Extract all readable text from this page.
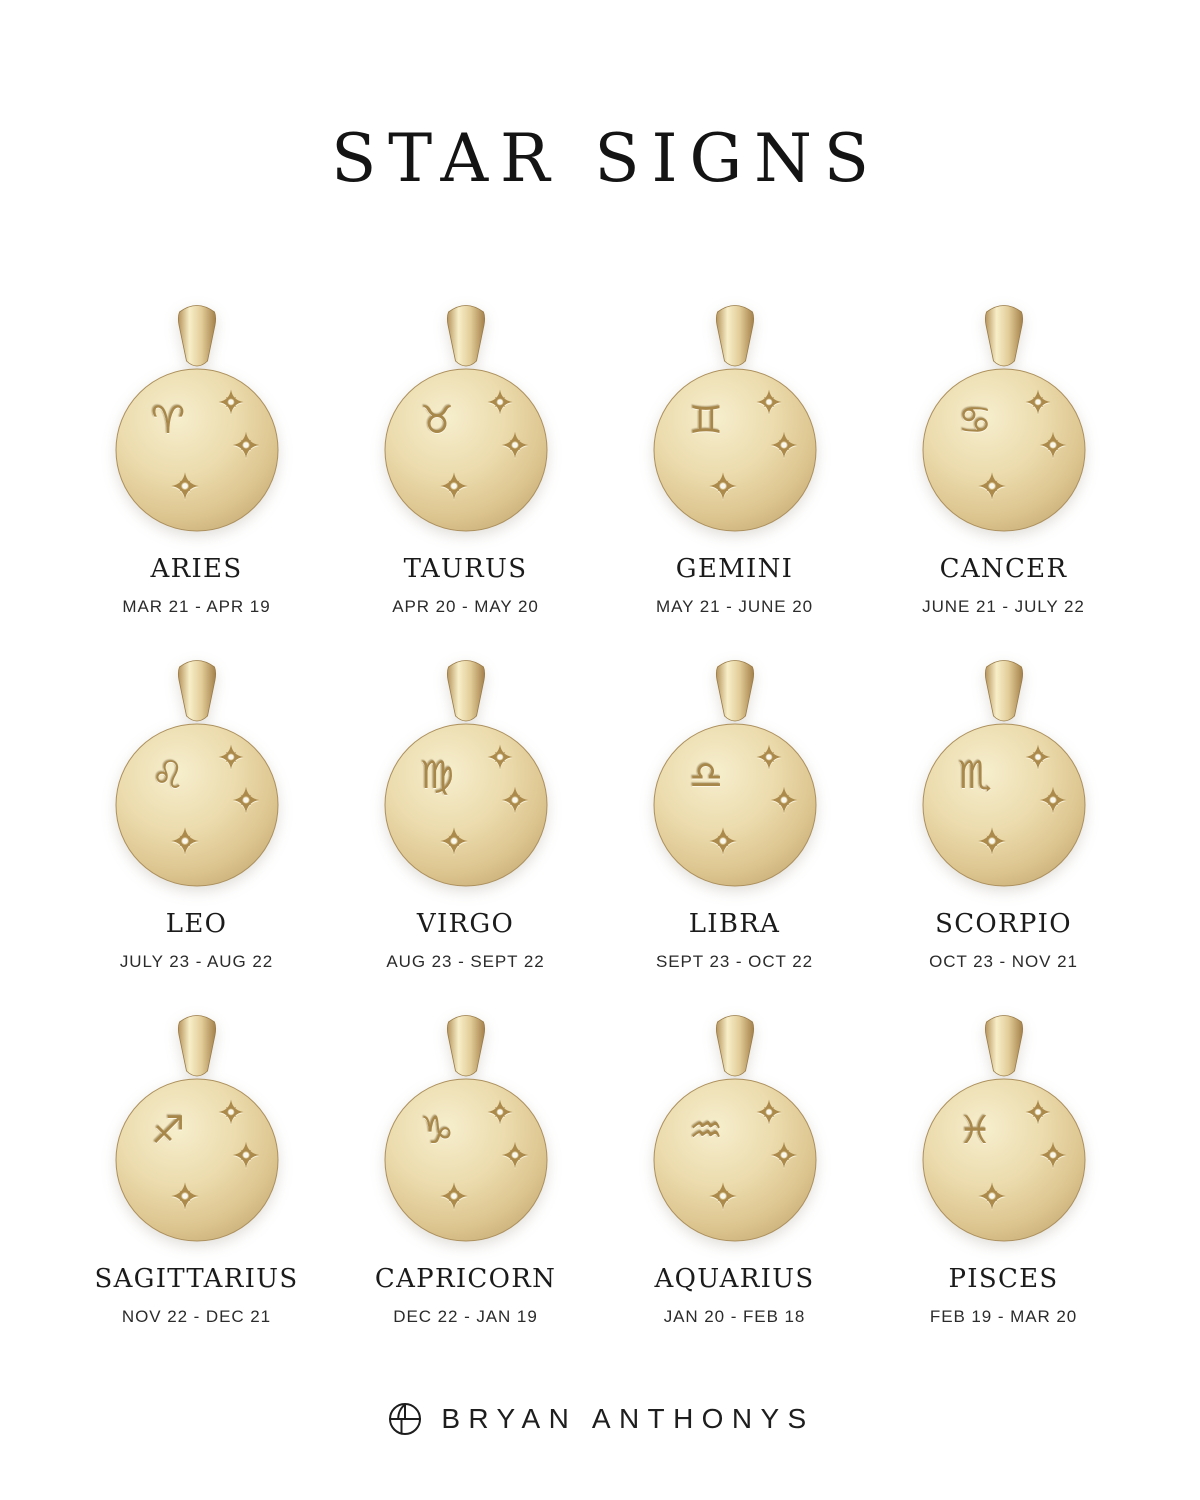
STAR SIGNS
♈
ARIES
MAR 21 - APR 19
♉
TAURUS
APR 20 - MAY 20
♊
GEMINI
MAY 21 - JUNE 20
♋
CANCER
JUNE 21 - JULY 22
♌
LEO
JULY 23 - AUG 22
♍
VIRGO
AUG 23 - SEPT 22
♎
LIBRA
SEPT 23 - OCT 22
♏
SCORPIO
OCT 23 - NOV 21
♐
SAGITTARIUS
NOV 22 - DEC 21
♑
CAPRICORN
DEC 22 - JAN 19
♒
AQUARIUS
JAN 20 - FEB 18
♓
PISCES
FEB 19 - MAR 20
BRYAN ANTHONYS
